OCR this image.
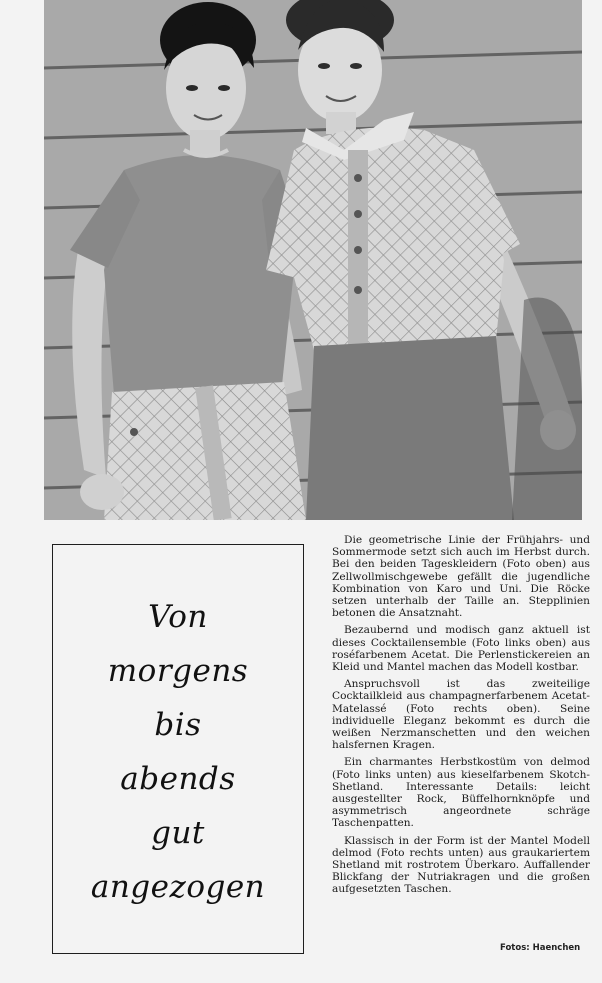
Von
morgens
bis
abends
gut
angezogen

Die geometrische Linie der Frühjahrs- und Sommermode setzt sich auch im Herbst durch. Bei den beiden Tageskleidern (Foto oben) aus Zellwollmischgewebe gefällt die jugendliche Kombination von Karo und Uni. Die Röcke setzen unterhalb der Taille an. Stepplinien betonen die Ansatznaht.

Bezaubernd und modisch ganz aktuell ist dieses Cocktailensemble (Foto links oben) aus roséfarbenem Acetat. Die Perlenstickereien an Kleid und Mantel machen das Modell kostbar.

Anspruchsvoll ist das zweiteilige Cocktailkleid aus champagnerfarbenem Acetat-Matelassé (Foto rechts oben). Seine individuelle Eleganz bekommt es durch die weißen Nerzmanschetten und den weichen halsfernen Kragen.

Ein charmantes Herbstkostüm von delmod (Foto links unten) aus kieselfarbenem Skotch-Shetland. Interessante Details: leicht ausgestellter Rock, Büffelhornknöpfe und asymmetrisch angeordnete schräge Taschenpatten.

Klassisch in der Form ist der Mantel Modell delmod (Foto rechts unten) aus graukariertem Shetland mit rostrotem Überkaro. Auffallender Blickfang der Nutriakragen und die großen aufgesetzten Taschen.

Fotos: Haenchen
